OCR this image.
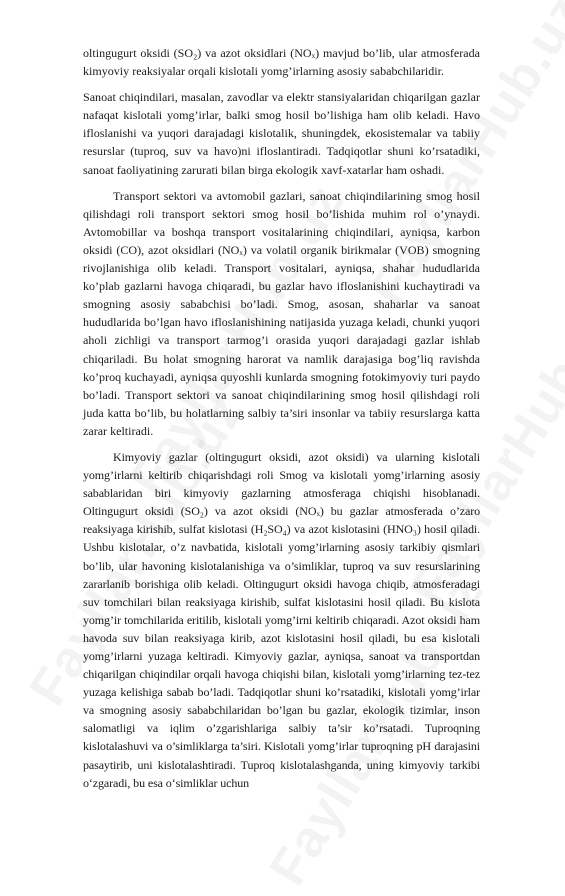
oltingugurt oksidi (SO₂) va azot oksidlari (NOₓ) mavjud bo’lib, ular atmosferada kimyoviy reaksiyalar orqali kislotali yomg’irlarning asosiy sababchilaridir.

Sanoat chiqindilari, masalan, zavodlar va elektr stansiyalaridan chiqarilgan gazlar nafaqat kislotali yomg’irlar, balki smog hosil bo’lishiga ham olib keladi. Havo ifloslanishi va yuqori darajadagi kislotalik, shuningdek, ekosistemalar va tabiiy resurslar (tuproq, suv va havo)ni ifloslantiradi. Tadqiqotlar shuni ko’rsatadiki, sanoat faoliyatining zarurati bilan birga ekologik xavf-xatarlar ham oshadi.

Transport sektori va avtomobil gazlari, sanoat chiqindilarining smog hosil qilishdagi roli transport sektori smog hosil bo’lishida muhim rol o’ynaydi. Avtomobillar va boshqa transport vositalarining chiqindilari, ayniqsa, karbon oksidi (CO), azot oksidlari (NOₓ) va volatil organik birikmalar (VOB) smogning rivojlanishiga olib keladi. Transport vositalari, ayniqsa, shahar hududlarida ko’plab gazlarni havoga chiqaradi, bu gazlar havo ifloslanishini kuchaytiradi va smogning asosiy sababchisi bo’ladi. Smog, asosan, shaharlar va sanoat hududlarida bo’lgan havo ifloslanishining natijasida yuzaga keladi, chunki yuqori aholi zichligi va transport tarmog’i orasida yuqori darajadagi gazlar ishlab chiqariladi. Bu holat smogning harorat va namlik darajasiga bog’liq ravishda ko’proq kuchayadi, ayniqsa quyoshli kunlarda smogning fotokimyoviy turi paydo bo’ladi. Transport sektori va sanoat chiqindilarining smog hosil qilishdagi roli juda katta bo’lib, bu holatlarning salbiy ta’siri insonlar va tabiiy resurslarga katta zarar keltiradi.

Kimyoviy gazlar (oltingugurt oksidi, azot oksidi) va ularning kislotali yomg’irlarni keltirib chiqarishdagi roli Smog va kislotali yomg’irlarning asosiy sabablaridan biri kimyoviy gazlarning atmosferaga chiqishi hisoblanadi. Oltingugurt oksidi (SO₂) va azot oksidi (NOₓ) bu gazlar atmosferada o’zaro reaksiyaga kirishib, sulfat kislotasi (H₂SO₄) va azot kislotasini (HNO₃) hosil qiladi. Ushbu kislotalar, o’z navbatida, kislotali yomg’irlarning asosiy tarkibiy qismlari bo’lib, ular havoning kislotalanishiga va o’simliklar, tuproq va suv resurslarining zararlanib borishiga olib keladi. Oltingugurt oksidi havoga chiqib, atmosferadagi suv tomchilari bilan reaksiyaga kirishib, sulfat kislotasini hosil qiladi. Bu kislota yomg’ir tomchilarida eritilib, kislotali yomg’irni keltirib chiqaradi. Azot oksidi ham havoda suv bilan reaksiyaga kirib, azot kislotasini hosil qiladi, bu esa kislotali yomg’irlarni yuzaga keltiradi. Kimyoviy gazlar, ayniqsa, sanoat va transportdan chiqarilgan chiqindilar orqali havoga chiqishi bilan, kislotali yomg’irlarning tez-tez yuzaga kelishiga sabab bo’ladi. Tadqiqotlar shuni ko’rsatadiki, kislotali yomg’irlar va smogning asosiy sababchilaridan bo’lgan bu gazlar, ekologik tizimlar, inson salomatligi va iqlim o’zgarishlariga salbiy ta’sir ko’rsatadi. Tuproqning kislotalashuvi va o’simliklarga ta’siri. Kislotali yomg’irlar tuproqning pH darajasini pasaytirib, uni kislotalashtiradi. Tuproq kislotalashganda, uning kimyoviy tarkibi o‘zgaradi, bu esa o‘simliklar uchun
